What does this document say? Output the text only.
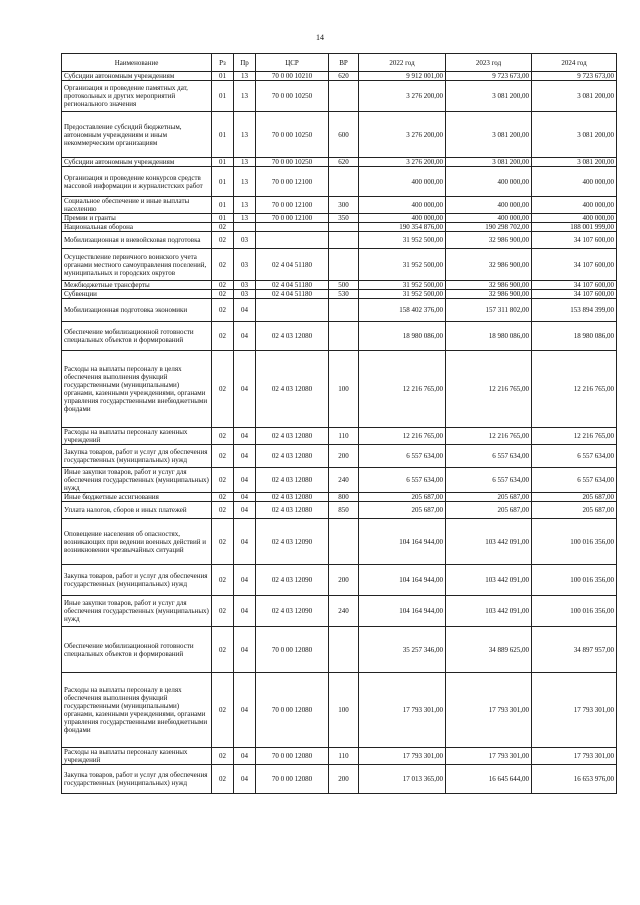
14
Наименование	Рз	Пр	ЦСР	ВР	2022 год	2023 год	2024 год
Субсидии автономным учреждениям	01	13	70 0 00 10210	620	9 912 001,00	9 723 673,00	9 723 673,00
Организация и проведение памятных дат, протокольных и других мероприятий регионального значения	01	13	70 0 00 10250		3 276 200,00	3 081 200,00	3 081 200,00
Предоставление субсидий бюджетным, автономным учреждениям и иным некоммерческим организациям	01	13	70 0 00 10250	600	3 276 200,00	3 081 200,00	3 081 200,00
Субсидии автономным учреждениям	01	13	70 0 00 10250	620	3 276 200,00	3 081 200,00	3 081 200,00
Организация и проведение конкурсов средств массовой информации и журналистских работ	01	13	70 0 00 12100		400 000,00	400 000,00	400 000,00
Социальное обеспечение и иные выплаты населению	01	13	70 0 00 12100	300	400 000,00	400 000,00	400 000,00
Премии и гранты	01	13	70 0 00 12100	350	400 000,00	400 000,00	400 000,00
Национальная оборона	02				190 354 876,00	190 298 702,00	188 001 999,00
Мобилизационная и вневойсковая подготовка	02	03			31 952 500,00	32 986 900,00	34 107 600,00
Осуществление первичного воинского учета органами местного самоуправления поселений, муниципальных и городских округов	02	03	02 4 04 51180		31 952 500,00	32 986 900,00	34 107 600,00
Межбюджетные трансферты	02	03	02 4 04 51180	500	31 952 500,00	32 986 900,00	34 107 600,00
Субвенции	02	03	02 4 04 51180	530	31 952 500,00	32 986 900,00	34 107 600,00
Мобилизационная подготовка экономики	02	04			158 402 376,00	157 311 802,00	153 894 399,00
Обеспечение мобилизационной готовности специальных объектов и формирований	02	04	02 4 03 12080		18 980 086,00	18 980 086,00	18 980 086,00
Расходы на выплаты персоналу в целях обеспечения выполнения функций государственными (муниципальными) органами, казенными учреждениями, органами управления государственными внебюджетными фондами	02	04	02 4 03 12080	100	12 216 765,00	12 216 765,00	12 216 765,00
Расходы на выплаты персоналу казенных учреждений	02	04	02 4 03 12080	110	12 216 765,00	12 216 765,00	12 216 765,00
Закупка товаров, работ и услуг для обеспечения государственных (муниципальных) нужд	02	04	02 4 03 12080	200	6 557 634,00	6 557 634,00	6 557 634,00
Иные закупки товаров, работ и услуг для обеспечения государственных (муниципальных) нужд	02	04	02 4 03 12080	240	6 557 634,00	6 557 634,00	6 557 634,00
Иные бюджетные ассигнования	02	04	02 4 03 12080	800	205 687,00	205 687,00	205 687,00
Уплата налогов, сборов и иных платежей	02	04	02 4 03 12080	850	205 687,00	205 687,00	205 687,00
Оповещение населения об опасностях, возникающих при ведении военных действий и возникновении чрезвычайных ситуаций	02	04	02 4 03 12090		104 164 944,00	103 442 091,00	100 016 356,00
Закупка товаров, работ и услуг для обеспечения государственных (муниципальных) нужд	02	04	02 4 03 12090	200	104 164 944,00	103 442 091,00	100 016 356,00
Иные закупки товаров, работ и услуг для обеспечения государственных (муниципальных) нужд	02	04	02 4 03 12090	240	104 164 944,00	103 442 091,00	100 016 356,00
Обеспечение мобилизационной готовности специальных объектов и формирований	02	04	70 0 00 12080		35 257 346,00	34 889 625,00	34 897 957,00
Расходы на выплаты персоналу в целях обеспечения выполнения функций государственными (муниципальными) органами, казенными учреждениями, органами управления государственными внебюджетными фондами	02	04	70 0 00 12080	100	17 793 301,00	17 793 301,00	17 793 301,00
Расходы на выплаты персоналу казенных учреждений	02	04	70 0 00 12080	110	17 793 301,00	17 793 301,00	17 793 301,00
Закупка товаров, работ и услуг для обеспечения государственных (муниципальных) нужд	02	04	70 0 00 12080	200	17 013 365,00	16 645 644,00	16 653 976,00
